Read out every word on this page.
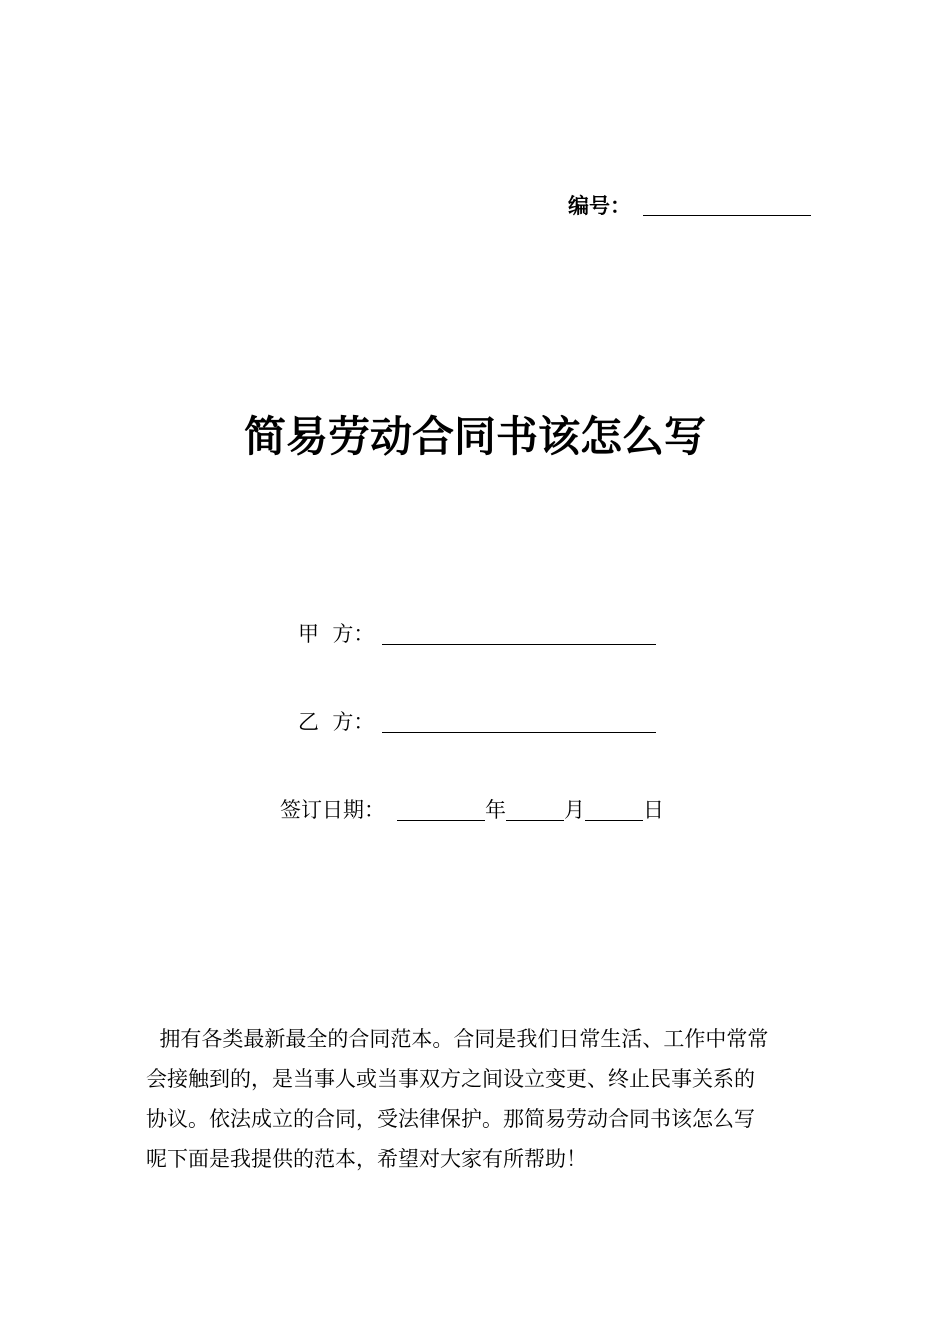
编号：
简易劳动合同书该怎么写
甲  方：
乙  方：
签订日期：	年	月	日
拥有各类最新最全的合同范本。合同是我们日常生活、工作中常常
会接触到的，是当事人或当事双方之间设立变更、终止民事关系的
协议。依法成立的合同，受法律保护。那简易劳动合同书该怎么写
呢下面是我提供的范本，希望对大家有所帮助！
